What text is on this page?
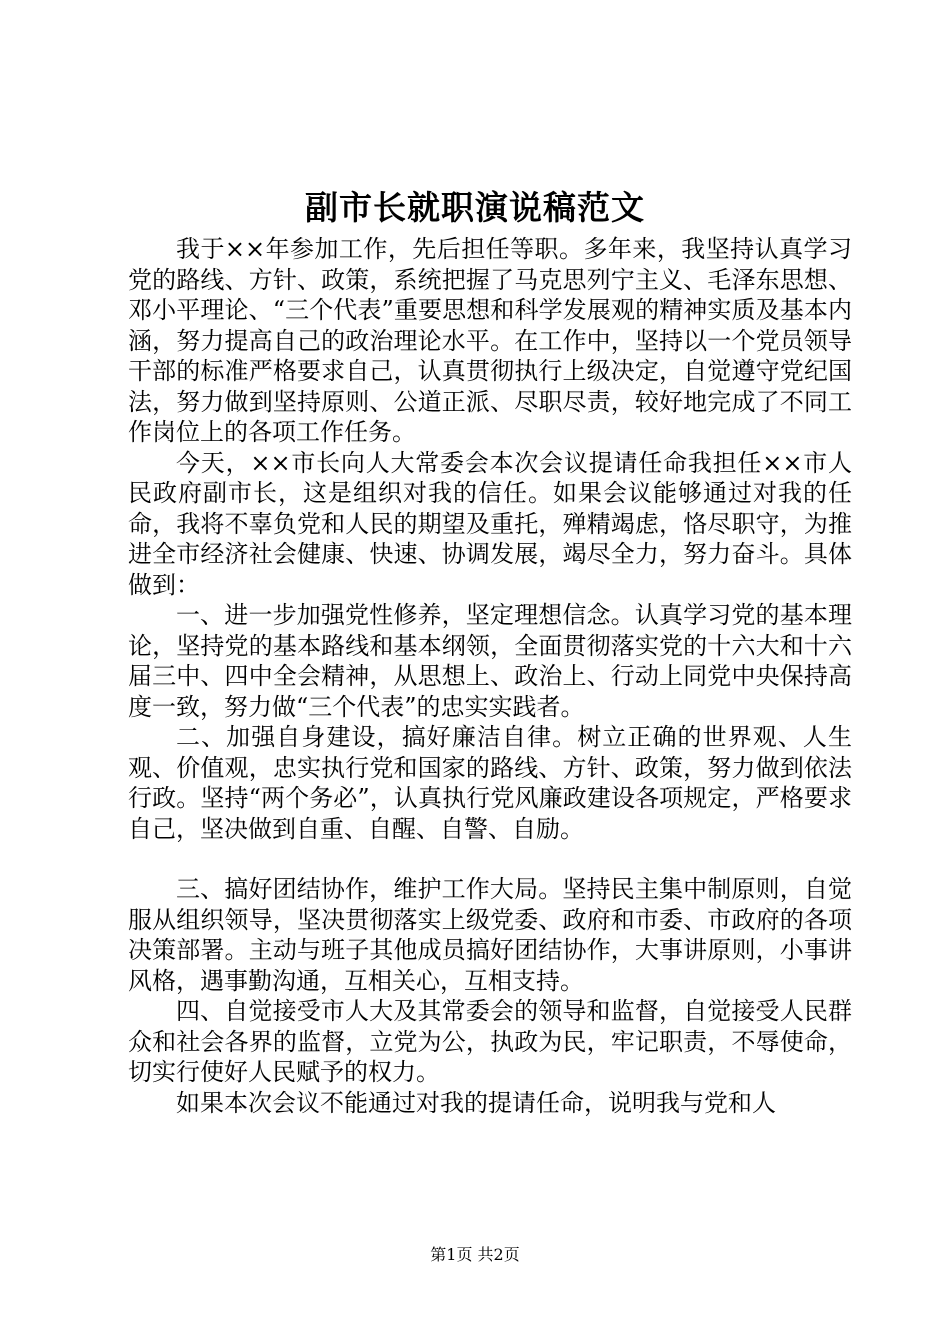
副市长就职演说稿范文

我于××年参加工作，先后担任等职。多年来，我坚持认真学习党的路线、方针、政策，系统把握了马克思列宁主义、毛泽东思想、邓小平理论、“三个代表”重要思想和科学发展观的精神实质及基本内涵，努力提高自己的政治理论水平。在工作中，坚持以一个党员领导干部的标准严格要求自己，认真贯彻执行上级决定，自觉遵守党纪国法，努力做到坚持原则、公道正派、尽职尽责，较好地完成了不同工作岗位上的各项工作任务。

今天，××市长向人大常委会本次会议提请任命我担任××市人民政府副市长，这是组织对我的信任。如果会议能够通过对我的任命，我将不辜负党和人民的期望及重托，殚精竭虑，恪尽职守，为推进全市经济社会健康、快速、协调发展，竭尽全力，努力奋斗。具体做到：

一、进一步加强党性修养，坚定理想信念。认真学习党的基本理论，坚持党的基本路线和基本纲领，全面贯彻落实党的十六大和十六届三中、四中全会精神，从思想上、政治上、行动上同党中央保持高度一致，努力做“三个代表”的忠实实践者。

二、加强自身建设，搞好廉洁自律。树立正确的世界观、人生观、价值观，忠实执行党和国家的路线、方针、政策，努力做到依法行政。坚持“两个务必”，认真执行党风廉政建设各项规定，严格要求自己，坚决做到自重、自醒、自警、自励。

三、搞好团结协作，维护工作大局。坚持民主集中制原则，自觉服从组织领导，坚决贯彻落实上级党委、政府和市委、市政府的各项决策部署。主动与班子其他成员搞好团结协作，大事讲原则，小事讲风格，遇事勤沟通，互相关心，互相支持。

四、自觉接受市人大及其常委会的领导和监督，自觉接受人民群众和社会各界的监督，立党为公，执政为民，牢记职责，不辱使命，切实行使好人民赋予的权力。

如果本次会议不能通过对我的提请任命，说明我与党和人

第1页 共2页
